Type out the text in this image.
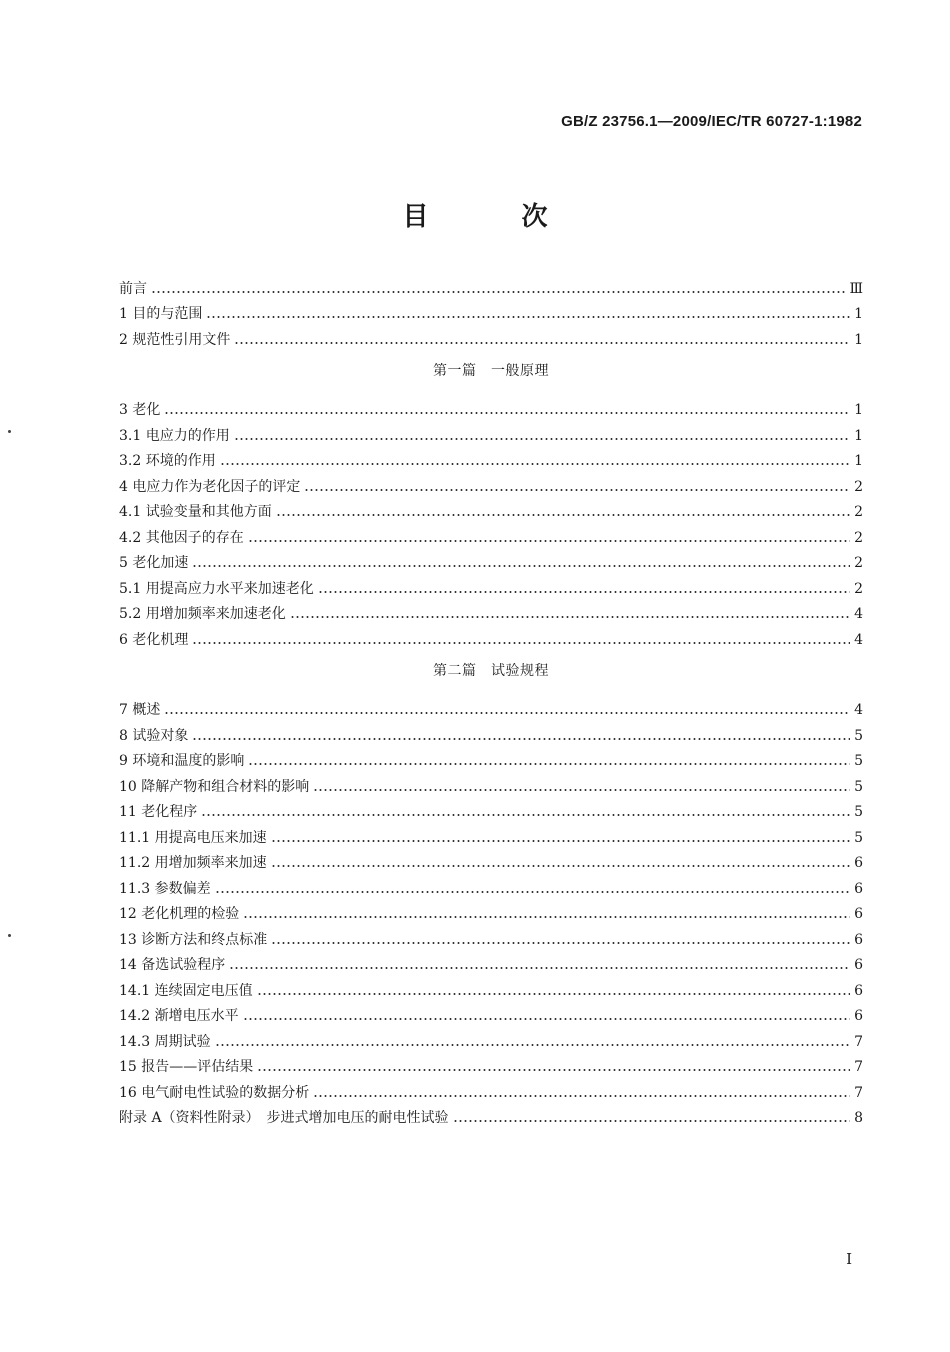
GB/Z 23756.1—2009/IEC/TR 60727-1:1982
目 次
前言	Ⅲ
1 目的与范围	1
2 规范性引用文件	1
第一篇　一般原理
3 老化	1
3.1 电应力的作用	1
3.2 环境的作用	1
4 电应力作为老化因子的评定	2
4.1 试验变量和其他方面	2
4.2 其他因子的存在	2
5 老化加速	2
5.1 用提高应力水平来加速老化	2
5.2 用增加频率来加速老化	4
6 老化机理	4
第二篇　试验规程
7 概述	4
8 试验对象	5
9 环境和温度的影响	5
10 降解产物和组合材料的影响	5
11 老化程序	5
11.1 用提高电压来加速	5
11.2 用增加频率来加速	6
11.3 参数偏差	6
12 老化机理的检验	6
13 诊断方法和终点标准	6
14 备选试验程序	6
14.1 连续固定电压值	6
14.2 渐增电压水平	6
14.3 周期试验	7
15 报告——评估结果	7
16 电气耐电性试验的数据分析	7
附录 A（资料性附录）　步进式增加电压的耐电性试验	8
I
